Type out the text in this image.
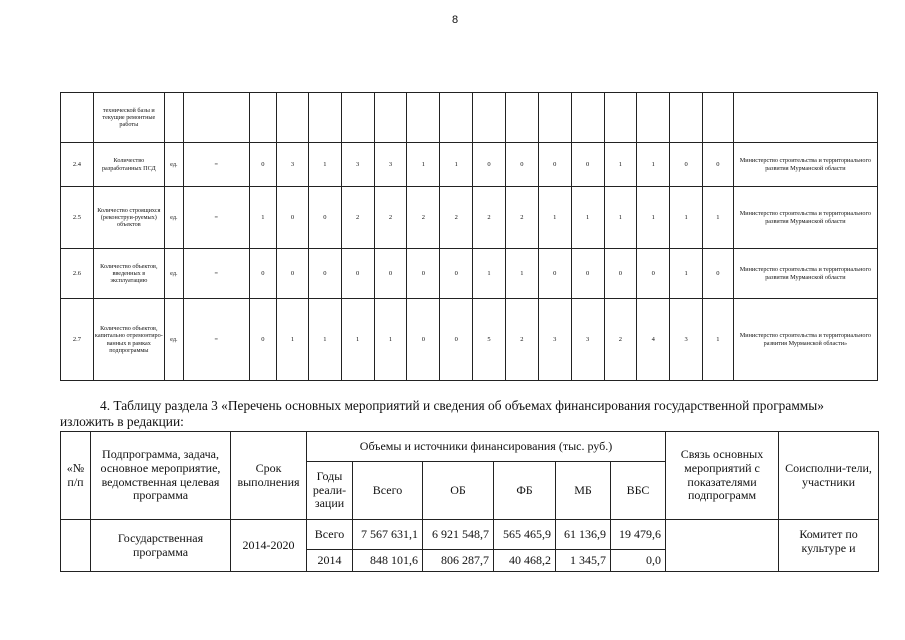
8
	технической базы и текущие ремонтные работы																		
2.4	Количество разработанных ПСД	ед.	=	0	3	1	3	3	1	1	0	0	0	0	1	1	0	0	Министерство строительства и территориального развития Мурманской области
2.5	Количество строящихся (реконструи-руемых) объектов	ед.	=	1	0	0	2	2	2	2	2	2	1	1	1	1	1	1	Министерство строительства и территориального развития Мурманской области
2.6	Количество объектов, введенных в эксплуатацию	ед.	=	0	0	0	0	0	0	0	1	1	0	0	0	0	1	0	Министерство строительства и территориального развития Мурманской области
2.7	Количество объектов, капитально отремонтиро-ванных в рамках подпрограммы	ед.	=	0	1	1	1	1	0	0	5	2	3	3	2	4	3	1	Министерство строительства и территориального развития Мурманской области»
4. Таблицу раздела 3 «Перечень основных мероприятий и сведения об объемах финансирования государственной программы» изложить в редакции:
«№ п/п	Подпрограмма, задача, основное мероприятие, ведомственная целевая программа	Срок выполнения	Объемы и источники финансирования (тыс. руб.)						Связь основных мероприятий с показателями подпрограмм	Соисполни-тели, участники
			Годы реали-зации	Всего	ОБ	ФБ	МБ	ВБС		
	Государственная программа	2014-2020	Всего	7 567 631,1	6 921 548,7	565 465,9	61 136,9	19 479,6		Комитет по культуре и
			2014	848 101,6	806 287,7	40 468,2	1 345,7	0,0		
